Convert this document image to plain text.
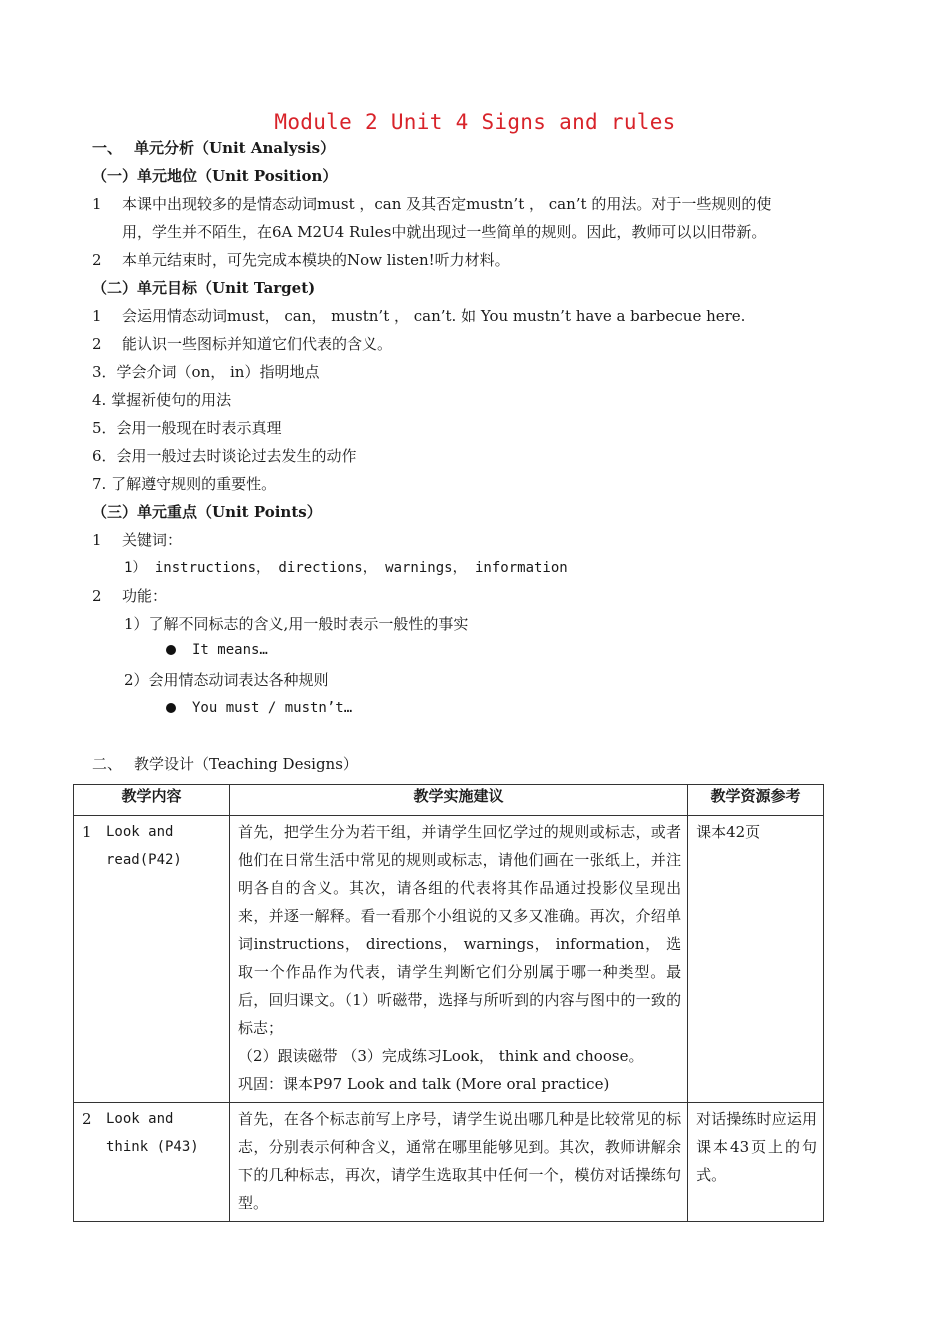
Module 2 Unit 4 Signs and rules
一、 单元分析（Unit Analysis）
（一）单元地位（Unit Position）
1 本课中出现较多的是情态动词must ，can 及其否定mustn’t ， can’t 的用法。对于一些规则的使
用，学生并不陌生，在6A M2U4 Rules中就出现过一些简单的规则。因此，教师可以以旧带新。
2 本单元结束时，可先完成本模块的Now listen!听力材料。
（二）单元目标（Unit Target)
1 会运用情态动词must， can， mustn’t ， can’t. 如 You mustn’t have a barbecue here.
2 能认识一些图标并知道它们代表的含义。
3．学会介词（on， in）指明地点
4. 掌握祈使句的用法
5．会用一般现在时表示真理
6．会用一般过去时谈论过去发生的动作
7. 了解遵守规则的重要性。
（三）单元重点（Unit Points）
1 关键词：
1） instructions， directions， warnings， information
2 功能：
1）了解不同标志的含义,用一般时表示一般性的事实
It means…
2）会用情态动词表达各种规则
You must / mustn’t…
二、 教学设计（Teaching Designs）
教学内容	教学实施建议	教学资源参考
1 Look and
read(P42)	首先，把学生分为若干组，并请学生回忆学过的规则或标志，或者他们在日常生活中常见的规则或标志，请他们画在一张纸上，并注明各自的含义。其次，请各组的代表将其作品通过投影仪呈现出来，并逐一解释。看一看那个小组说的又多又准确。再次，介绍单词instructions， directions， warnings， information， 选取一个作品作为代表，请学生判断它们分别属于哪一种类型。最后，回归课文。（1）听磁带，选择与所听到的内容与图中的一致的标志；
（2）跟读磁带 （3）完成练习Look， think and choose。
巩固：课本P97 Look and talk (More oral practice)	课本42页
2 Look and
think (P43)	首先，在各个标志前写上序号，请学生说出哪几种是比较常见的标志，分别表示何种含义，通常在哪里能够见到。其次，教师讲解余下的几种标志，再次，请学生选取其中任何一个，模仿对话操练句型。	对话操练时应运用课本43页上的句式。
